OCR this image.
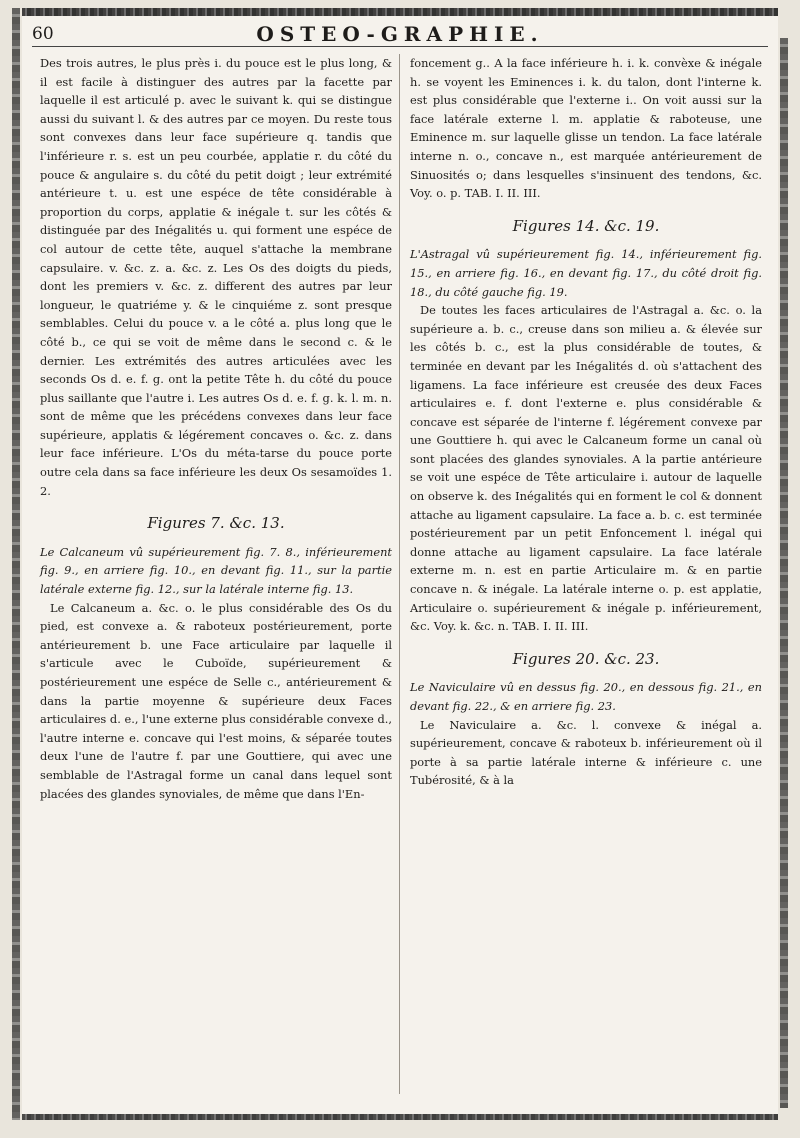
60	OSTEO-GRAPHIE.

Des trois autres, le plus près i. du pouce est le plus long, & il est facile à distinguer des autres par la facette par laquelle il est articulé p. avec le suivant k. qui se distingue aussi du suivant l. & des autres par ce moyen. Du reste tous sont convexes dans leur face supérieure q. tandis que l'inférieure r. s. est un peu courbée, applatie r. du côté du pouce & angulaire s. du côté du petit doigt ; leur extrémité antérieure t. u. est une espéce de tête considérable à proportion du corps, applatie & inégale t. sur les côtés & distinguée par des Inégalités u. qui forment une espéce de col autour de cette tête, auquel s'attache la membrane capsulaire. v. &c. z. a. &c. z. Les Os des doigts du pieds, dont les premiers v. &c. z. different des autres par leur longueur, le quatriéme y. & le cinquiéme z. sont presque semblables. Celui du pouce v. a le côté a. plus long que le côté b., ce qui se voit de même dans le second c. & le dernier. Les extrémités des autres articulées avec les seconds Os d. e. f. g. ont la petite Tête h. du côté du pouce plus saillante que l'autre i. Les autres Os d. e. f. g. k. l. m. n. sont de même que les précédens convexes dans leur face supérieure, applatis & légérement concaves o. &c. z. dans leur face inférieure. L'Os du méta-tarse du pouce porte outre cela dans sa face inférieure les deux Os sesamoïdes 1. 2.

Figures 7. &c. 13.

Le Calcaneum vû supérieurement fig. 7. 8., inférieurement fig. 9., en arriere fig. 10., en devant fig. 11., sur la partie latérale externe fig. 12., sur la latérale interne fig. 13.

Le Calcaneum a. &c. o. le plus considérable des Os du pied, est convexe a. & raboteux postérieurement, porte antérieurement b. une Face articulaire par laquelle il s'articule avec le Cuboïde, supérieurement & postérieurement une espéce de Selle c., antérieurement & dans la partie moyenne & supérieure deux Faces articulaires d. e., l'une externe plus considérable convexe d., l'autre interne e. concave qui l'est moins, & séparée toutes deux l'une de l'autre f. par une Gouttiere, qui avec une semblable de l'Astragal forme un canal dans lequel sont placées des glandes synoviales, de même que dans l'En-

foncement g.. A la face inférieure h. i. k. convèxe & inégale h. se voyent les Eminences i. k. du talon, dont l'interne k. est plus considérable que l'externe i.. On voit aussi sur la face latérale externe l. m. applatie & raboteuse, une Eminence m. sur laquelle glisse un tendon. La face latérale interne n. o., concave n., est marquée antérieurement de Sinuosités o; dans lesquelles s'insinuent des tendons, &c. Voy. o. p. TAB. I. II. III.

Figures 14. &c. 19.

L'Astragal vû supérieurement fig. 14., inférieurement fig. 15., en arriere fig. 16., en devant fig. 17., du côté droit fig. 18., du côté gauche fig. 19.

De toutes les faces articulaires de l'Astragal a. &c. o. la supérieure a. b. c., creuse dans son milieu a. & élevée sur les côtés b. c., est la plus considérable de toutes, & terminée en devant par les Inégalités d. où s'attachent des ligamens. La face inférieure est creusée des deux Faces articulaires e. f. dont l'externe e. plus considérable & concave est séparée de l'interne f. légérement convexe par une Gouttiere h. qui avec le Calcaneum forme un canal où sont placées des glandes synoviales. A la partie antérieure se voit une espéce de Tête articulaire i. autour de laquelle on observe k. des Inégalités qui en forment le col & donnent attache au ligament capsulaire. La face a. b. c. est terminée postérieurement par un petit Enfoncement l. inégal qui donne attache au ligament capsulaire. La face latérale externe m. n. est en partie Articulaire m. & en partie concave n. & inégale. La latérale interne o. p. est applatie, Articulaire o. supérieurement & inégale p. inférieurement, &c. Voy. k. &c. n. TAB. I. II. III.

Figures 20. &c. 23.

Le Naviculaire vû en dessus fig. 20., en dessous fig. 21., en devant fig. 22., & en arriere fig. 23.

Le Naviculaire a. &c. l. convexe & inégal a. supérieurement, concave & raboteux b. inférieurement où il porte à sa partie latérale interne & inférieure c. une Tubérosité, & à la
